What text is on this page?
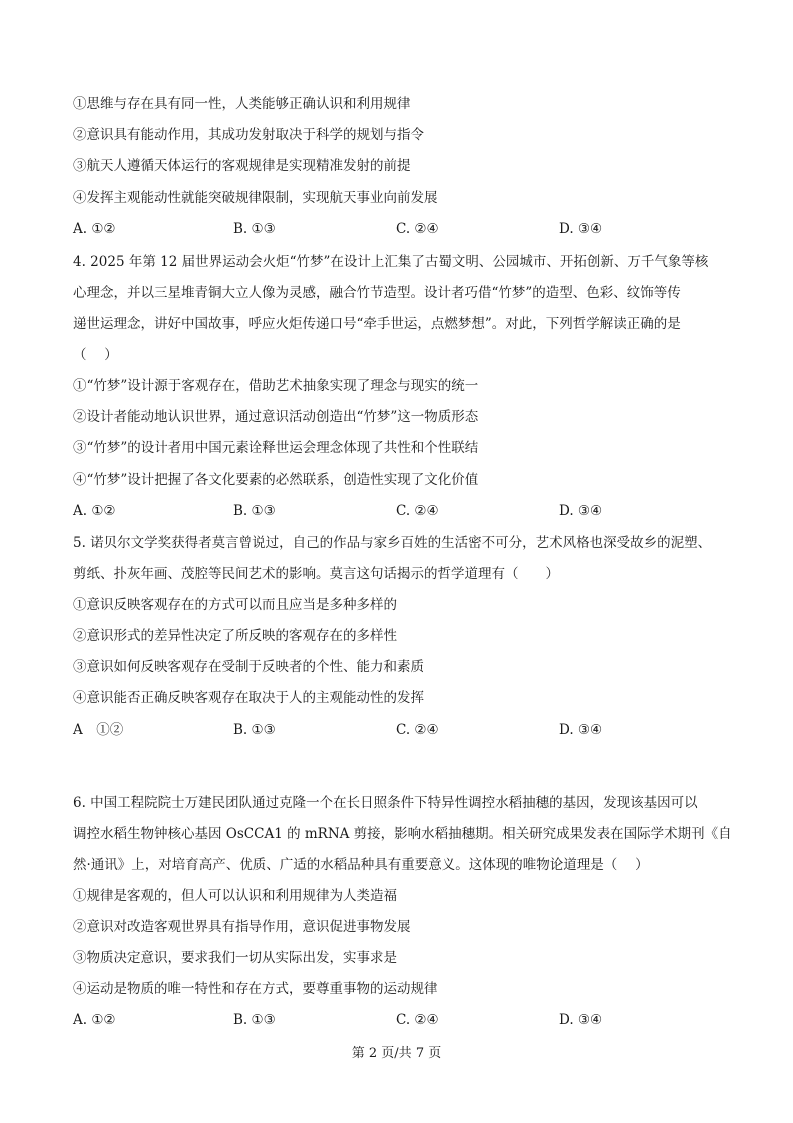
①思维与存在具有同一性，人类能够正确认识和利用规律
②意识具有能动作用，其成功发射取决于科学的规划与指令
③航天人遵循天体运行的客观规律是实现精准发射的前提
④发挥主观能动性就能突破规律限制，实现航天事业向前发展
A. ①②	B. ①③	C. ②④	D. ③④
4. 2025 年第 12 届世界运动会火炬“竹梦”在设计上汇集了古蜀文明、公园城市、开拓创新、万千气象等核
心理念，并以三星堆青铜大立人像为灵感，融合竹节造型。设计者巧借“竹梦”的造型、色彩、纹饰等传
递世运理念，讲好中国故事，呼应火炬传递口号“牵手世运，点燃梦想”。对此，下列哲学解读正确的是
（　 ）
①“竹梦”设计源于客观存在，借助艺术抽象实现了理念与现实的统一
②设计者能动地认识世界，通过意识活动创造出“竹梦”这一物质形态
③“竹梦”的设计者用中国元素诠释世运会理念体现了共性和个性联结
④“竹梦”设计把握了各文化要素的必然联系，创造性实现了文化价值
A. ①②	B. ①③	C. ②④	D. ③④
5. 诺贝尔文学奖获得者莫言曾说过，自己的作品与家乡百姓的生活密不可分，艺术风格也深受故乡的泥塑、
剪纸、扑灰年画、茂腔等民间艺术的影响。莫言这句话揭示的哲学道理有（　　）
①意识反映客观存在的方式可以而且应当是多种多样的
②意识形式的差异性决定了所反映的客观存在的多样性
③意识如何反映客观存在受制于反映者的个性、能力和素质
④意识能否正确反映客观存在取决于人的主观能动性的发挥
A　①②	B. ①③	C. ②④	D. ③④
6. 中国工程院院士万建民团队通过克隆一个在长日照条件下特异性调控水稻抽穗的基因，发现该基因可以
调控水稻生物钟核心基因 OsCCA1 的 mRNA 剪接，影响水稻抽穗期。相关研究成果发表在国际学术期刊《自
然·通讯》上，对培育高产、优质、广适的水稻品种具有重要意义。这体现的唯物论道理是（　 ）
①规律是客观的，但人可以认识和利用规律为人类造福
②意识对改造客观世界具有指导作用，意识促进事物发展
③物质决定意识，要求我们一切从实际出发，实事求是
④运动是物质的唯一特性和存在方式，要尊重事物的运动规律
A. ①②	B. ①③	C. ②④	D. ③④
第 2 页/共 7 页
